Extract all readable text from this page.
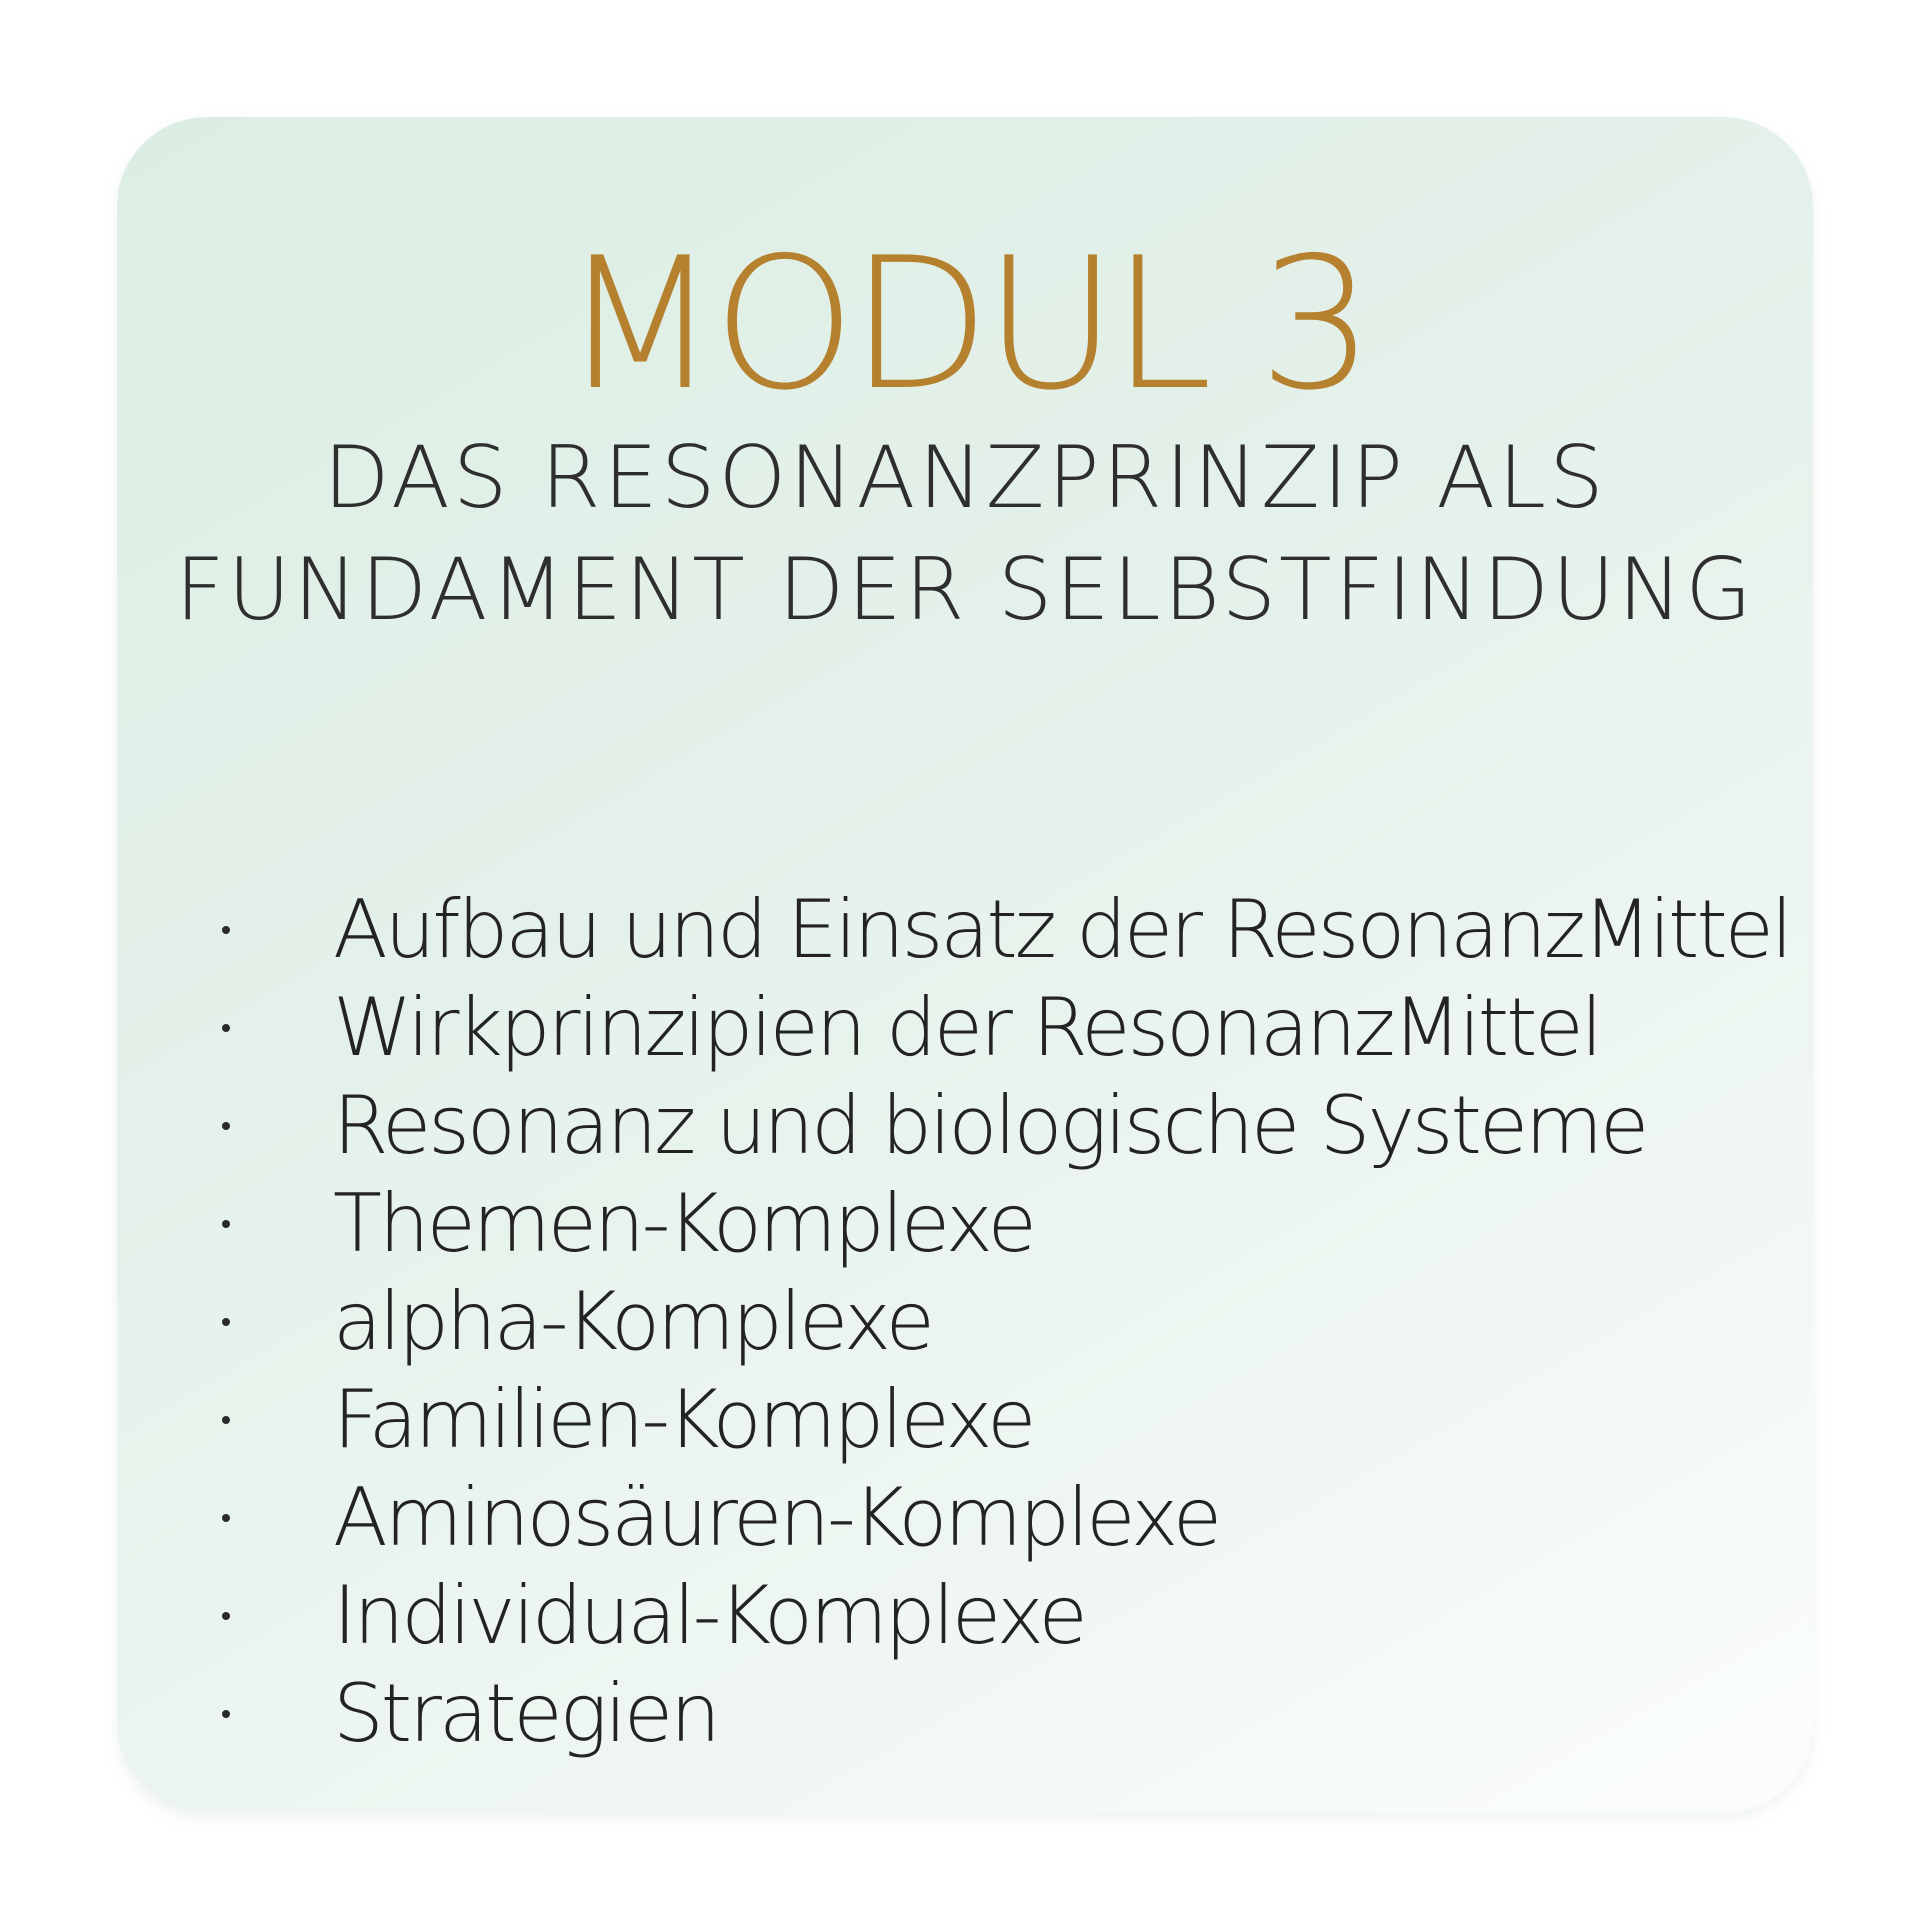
MODUL 3
DAS RESONANZPRINZIP ALS
FUNDAMENT DER SELBSTFINDUNG
Aufbau und Einsatz der ResonanzMittel
Wirkprinzipien der ResonanzMittel
Resonanz und biologische Systeme
Themen-Komplexe
alpha-Komplexe
Familien-Komplexe
Aminosäuren-Komplexe
Individual-Komplexe
Strategien
